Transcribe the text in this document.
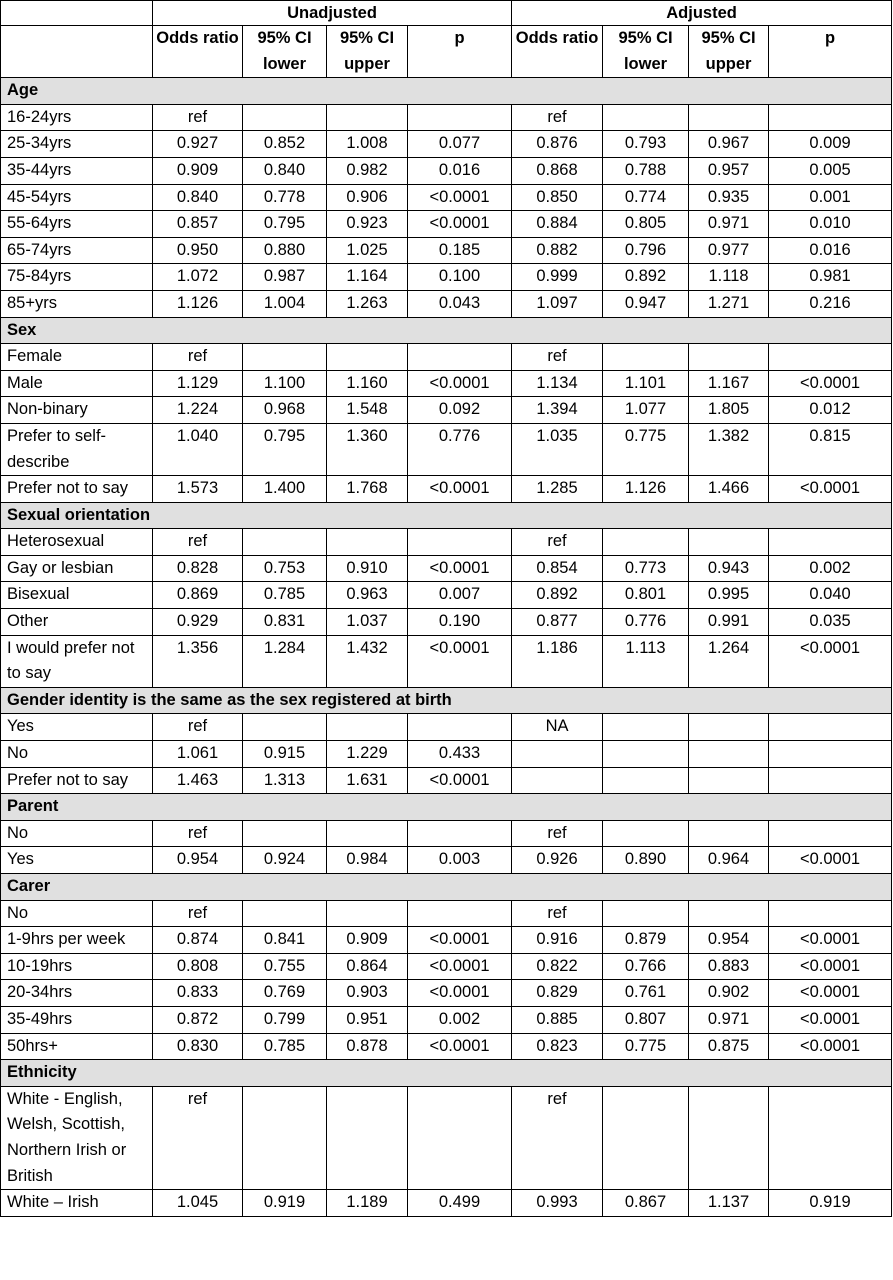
	Unadjusted				Adjusted			
	Odds ratio	95% CI lower	95% CI upper	p	Odds ratio	95% CI lower	95% CI upper	p
Age								
16-24yrs	ref				ref			
25-34yrs	0.927	0.852	1.008	0.077	0.876	0.793	0.967	0.009
35-44yrs	0.909	0.840	0.982	0.016	0.868	0.788	0.957	0.005
45-54yrs	0.840	0.778	0.906	<0.0001	0.850	0.774	0.935	0.001
55-64yrs	0.857	0.795	0.923	<0.0001	0.884	0.805	0.971	0.010
65-74yrs	0.950	0.880	1.025	0.185	0.882	0.796	0.977	0.016
75-84yrs	1.072	0.987	1.164	0.100	0.999	0.892	1.118	0.981
85+yrs	1.126	1.004	1.263	0.043	1.097	0.947	1.271	0.216
Sex								
Female	ref				ref			
Male	1.129	1.100	1.160	<0.0001	1.134	1.101	1.167	<0.0001
Non-binary	1.224	0.968	1.548	0.092	1.394	1.077	1.805	0.012
Prefer to self-describe	1.040	0.795	1.360	0.776	1.035	0.775	1.382	0.815
Prefer not to say	1.573	1.400	1.768	<0.0001	1.285	1.126	1.466	<0.0001
Sexual orientation								
Heterosexual	ref				ref			
Gay or lesbian	0.828	0.753	0.910	<0.0001	0.854	0.773	0.943	0.002
Bisexual	0.869	0.785	0.963	0.007	0.892	0.801	0.995	0.040
Other	0.929	0.831	1.037	0.190	0.877	0.776	0.991	0.035
I would prefer not to say	1.356	1.284	1.432	<0.0001	1.186	1.113	1.264	<0.0001
Gender identity is the same as the sex registered at birth								
Yes	ref				NA			
No	1.061	0.915	1.229	0.433				
Prefer not to say	1.463	1.313	1.631	<0.0001				
Parent								
No	ref				ref			
Yes	0.954	0.924	0.984	0.003	0.926	0.890	0.964	<0.0001
Carer								
No	ref				ref			
1-9hrs per week	0.874	0.841	0.909	<0.0001	0.916	0.879	0.954	<0.0001
10-19hrs	0.808	0.755	0.864	<0.0001	0.822	0.766	0.883	<0.0001
20-34hrs	0.833	0.769	0.903	<0.0001	0.829	0.761	0.902	<0.0001
35-49hrs	0.872	0.799	0.951	0.002	0.885	0.807	0.971	<0.0001
50hrs+	0.830	0.785	0.878	<0.0001	0.823	0.775	0.875	<0.0001
Ethnicity								
White - English, Welsh, Scottish, Northern Irish or British	ref				ref			
White – Irish	1.045	0.919	1.189	0.499	0.993	0.867	1.137	0.919
